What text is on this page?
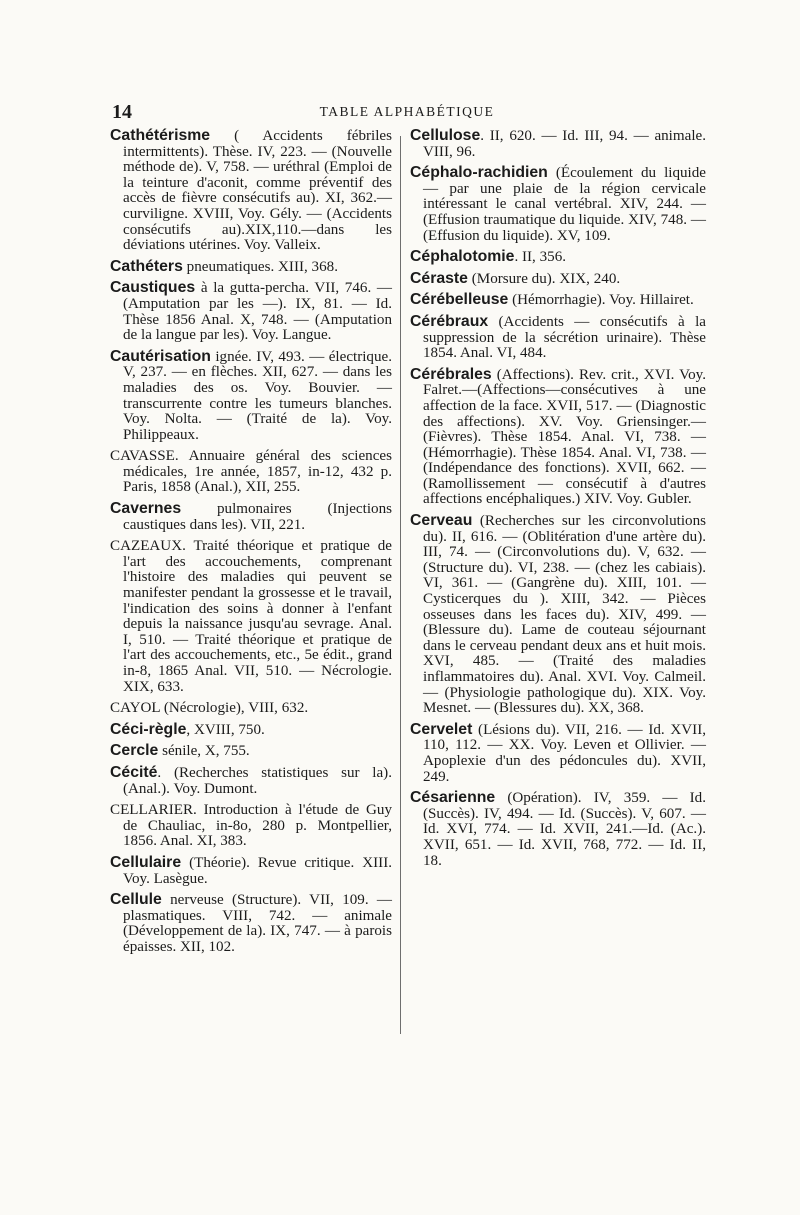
14	TABLE ALPHABÉTIQUE

Cathétérisme ( Accidents fébriles intermittents). Thèse. IV, 223. — (Nouvelle méthode de). V, 758. — uréthral (Emploi de la teinture d'aconit, comme préventif des accès de fièvre consécutifs au). XI, 362.—curviligne. XVIII, Voy. Gély. — (Accidents consécutifs au).XIX,110.—dans les déviations utérines. Voy. Valleix.

Cathéters pneumatiques. XIII, 368.

Caustiques à la gutta-percha. VII, 746. — (Amputation par les —). IX, 81. — Id. Thèse 1856 Anal. X, 748. — (Amputation de la langue par les). Voy. Langue.

Cautérisation ignée. IV, 493. — électrique. V, 237. — en flèches. XII, 627. — dans les maladies des os. Voy. Bouvier. — transcurrente contre les tumeurs blanches. Voy. Nolta. — (Traité de la). Voy. Philippeaux.

CAVASSE. Annuaire général des sciences médicales, 1re année, 1857, in-12, 432 p. Paris, 1858 (Anal.), XII, 255.

Cavernes pulmonaires (Injections caustiques dans les). VII, 221.

CAZEAUX. Traité théorique et pratique de l'art des accouchements, comprenant l'histoire des maladies qui peuvent se manifester pendant la grossesse et le travail, l'indication des soins à donner à l'enfant depuis la naissance jusqu'au sevrage. Anal. I, 510. — Traité théorique et pratique de l'art des accouchements, etc., 5e édit., grand in-8, 1865 Anal. VII, 510. — Nécrologie. XIX, 633.

CAYOL (Nécrologie), VIII, 632.

Céci-règle, XVIII, 750.

Cercle sénile, X, 755.

Cécité. (Recherches statistiques sur la). (Anal.). Voy. Dumont.

CELLARIER. Introduction à l'étude de Guy de Chauliac, in-8o, 280 p. Montpellier, 1856. Anal. XI, 383.

Cellulaire (Théorie). Revue critique. XIII. Voy. Lasègue.

Cellule nerveuse (Structure). VII, 109. — plasmatiques. VIII, 742. — animale (Développement de la). IX, 747. — à parois épaisses. XII, 102.

Cellulose. II, 620. — Id. III, 94. — animale. VIII, 96.

Céphalo-rachidien (Écoulement du liquide — par une plaie de la région cervicale intéressant le canal vertébral. XIV, 244. — (Effusion traumatique du liquide. XIV, 748. — (Effusion du liquide). XV, 109.

Céphalotomie. II, 356.

Céraste (Morsure du). XIX, 240.

Cérébelleuse (Hémorrhagie). Voy. Hillairet.

Cérébraux (Accidents — consécutifs à la suppression de la sécrétion urinaire). Thèse 1854. Anal. VI, 484.

Cérébrales (Affections). Rev. crit., XVI. Voy. Falret.—(Affections—consécutives à une affection de la face. XVII, 517. — (Diagnostic des affections). XV. Voy. Griensinger.—(Fièvres). Thèse 1854. Anal. VI, 738. — (Hémorrhagie). Thèse 1854. Anal. VI, 738. — (Indépendance des fonctions). XVII, 662. — (Ramollissement — consécutif à d'autres affections encéphaliques.) XIV. Voy. Gubler.

Cerveau (Recherches sur les circonvolutions du). II, 616. — (Oblitération d'une artère du). III, 74. — (Circonvolutions du). V, 632. — (Structure du). VI, 238. — (chez les cabiais). VI, 361. — (Gangrène du). XIII, 101. — Cysticerques du ). XIII, 342. — Pièces osseuses dans les faces du). XIV, 499. — (Blessure du). Lame de couteau séjournant dans le cerveau pendant deux ans et huit mois. XVI, 485. — (Traité des maladies inflammatoires du). Anal. XVI. Voy. Calmeil. — (Physiologie pathologique du). XIX. Voy. Mesnet. — (Blessures du). XX, 368.

Cervelet (Lésions du). VII, 216. — Id. XVII, 110, 112. — XX. Voy. Leven et Ollivier. — Apoplexie d'un des pédoncules du). XVII, 249.

Césarienne (Opération). IV, 359. — Id. (Succès). IV, 494. — Id. (Succès). V, 607. — Id. XVI, 774. — Id. XVII, 241.—Id. (Ac.). XVII, 651. — Id. XVII, 768, 772. — Id. II, 18.
